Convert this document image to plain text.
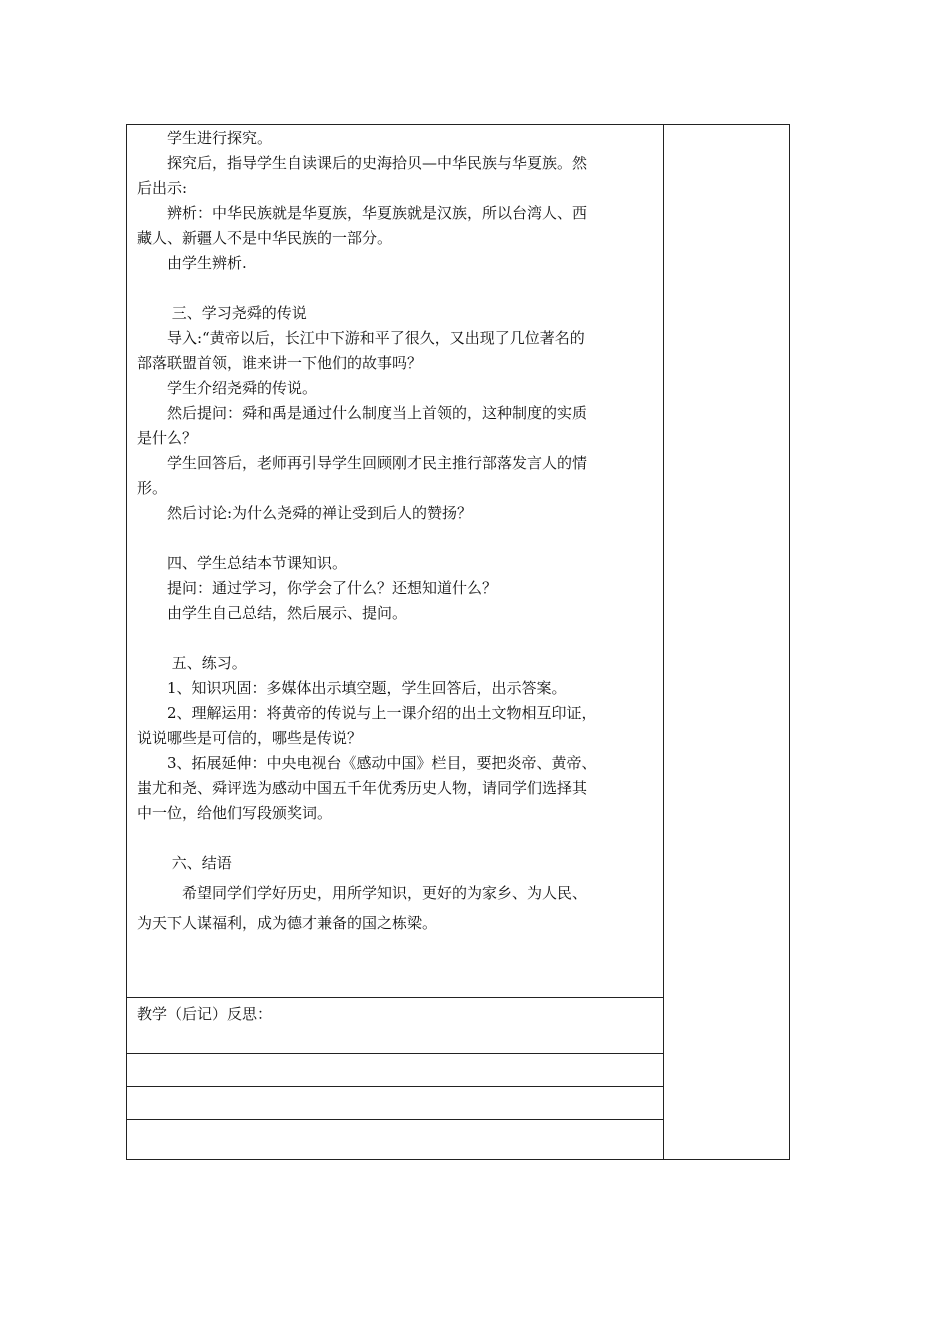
　　学生进行探究。
　　探究后，指导学生自读课后的史海拾贝—中华民族与华夏族。然
后出示:
　　辨析：中华民族就是华夏族，华夏族就是汉族，所以台湾人、西
藏人、新疆人不是中华民族的一部分。
　　由学生辨析.
　　 三、学习尧舜的传说
　　导入:“黄帝以后，长江中下游和平了很久，又出现了几位著名的
部落联盟首领，谁来讲一下他们的故事吗？
　　学生介绍尧舜的传说。
　　然后提问：舜和禹是通过什么制度当上首领的，这种制度的实质
是什么？
　　学生回答后，老师再引导学生回顾刚才民主推行部落发言人的情
形。
　　然后讨论:为什么尧舜的禅让受到后人的赞扬？
　　四、学生总结本节课知识。
　　提问：通过学习，你学会了什么？还想知道什么？
　　由学生自己总结，然后展示、提问。
　　 五、练习。
　　1、知识巩固：多媒体出示填空题，学生回答后，出示答案。
　　2、理解运用：将黄帝的传说与上一课介绍的出土文物相互印证，
说说哪些是可信的，哪些是传说？
　　3、拓展延伸：中央电视台《感动中国》栏目，要把炎帝、黄帝、
蚩尤和尧、舜评选为感动中国五千年优秀历史人物，请同学们选择其
中一位，给他们写段颁奖词。
　　 六、结语
　　　希望同学们学好历史，用所学知识，更好的为家乡、为人民、
为天下人谋福利，成为德才兼备的国之栋梁。
教学（后记）反思：
